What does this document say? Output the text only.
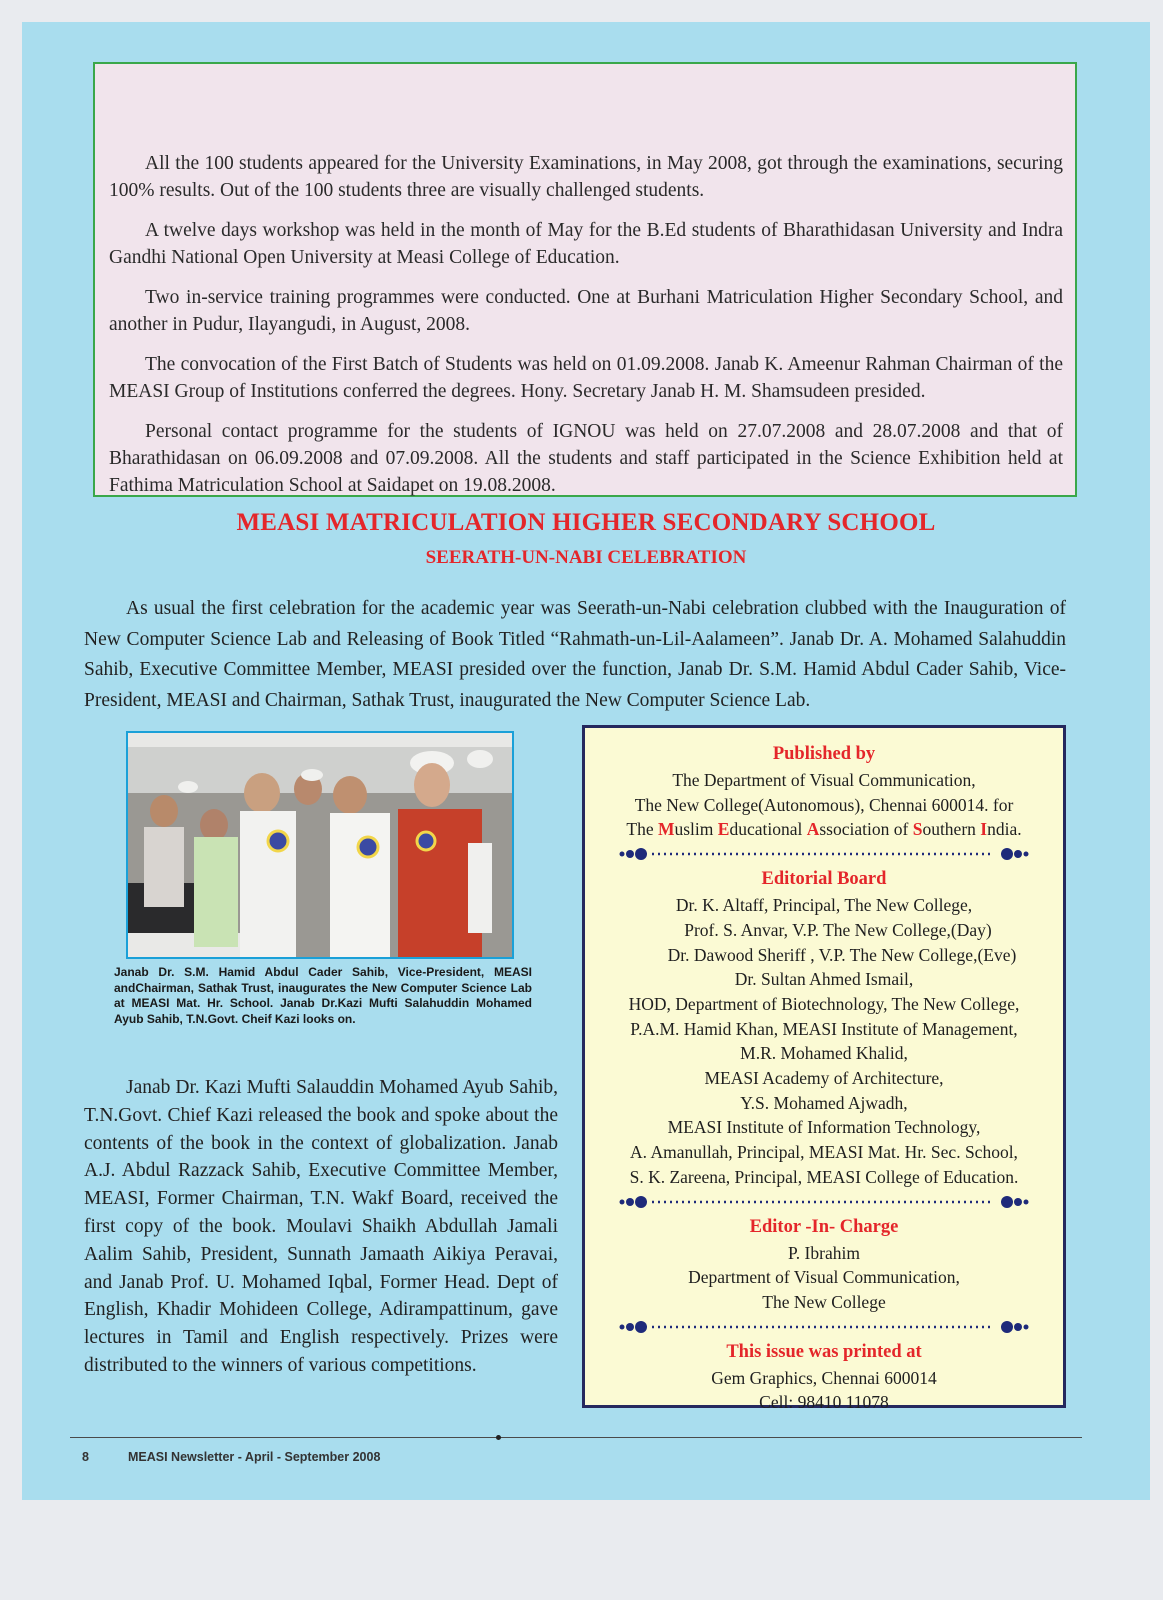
All the 100 students appeared for the University Examinations, in May 2008, got through the examinations, securing 100% results. Out of the 100 students three are visually challenged students.

A twelve days workshop was held in the month of May for the B.Ed students of Bharathidasan University and Indra Gandhi National Open University at Measi College of Education.

Two in-service training programmes were conducted. One at Burhani Matriculation Higher Secondary School, and another in Pudur, Ilayangudi, in August, 2008.

The convocation of the First Batch of Students was held on 01.09.2008. Janab K. Ameenur Rahman Chairman of the MEASI Group of Institutions conferred the degrees. Hony. Secretary Janab H. M. Shamsudeen presided.

Personal contact programme for the students of IGNOU was held on 27.07.2008 and 28.07.2008 and that of Bharathidasan on 06.09.2008 and 07.09.2008. All the students and staff participated in the Science Exhibition held at Fathima Matriculation School at Saidapet on 19.08.2008.

MEASI MATRICULATION HIGHER SECONDARY SCHOOL
SEERATH-UN-NABI CELEBRATION

As usual the first celebration for the academic year was Seerath-un-Nabi celebration clubbed with the Inauguration of New Computer Science Lab and Releasing of Book Titled “Rahmath-un-Lil-Aalameen”. Janab Dr. A. Mohamed Salahuddin Sahib, Executive Committee Member, MEASI presided over the function, Janab Dr. S.M. Hamid Abdul Cader Sahib, Vice-President, MEASI and Chairman, Sathak Trust, inaugurated the New Computer Science Lab.

Janab Dr. S.M. Hamid Abdul Cader Sahib, Vice-President, MEASI andChairman, Sathak Trust, inaugurates the New Computer Science Lab at MEASI Mat. Hr. School. Janab Dr.Kazi Mufti Salahuddin Mohamed Ayub Sahib, T.N.Govt. Cheif Kazi looks on.

Janab Dr. Kazi Mufti Salauddin Mohamed Ayub Sahib, T.N.Govt. Chief Kazi released the book and spoke about the contents of the book in the context of globalization. Janab A.J. Abdul Razzack Sahib, Executive Committee Member, MEASI, Former Chairman, T.N. Wakf Board, received the first copy of the book. Moulavi Shaikh Abdullah Jamali Aalim Sahib, President, Sunnath Jamaath Aikiya Peravai, and Janab Prof. U. Mohamed Iqbal, Former Head. Dept of English, Khadir Mohideen College, Adirampattinum, gave lectures in Tamil and English respectively. Prizes were distributed to the winners of various competitions.

Published by
The Department of Visual Communication,
The New College(Autonomous), Chennai 600014. for
The Muslim Educational Association of Southern India.
Editorial Board
Dr. K. Altaff, Principal, The New College,
Prof. S. Anvar, V.P. The New College,(Day)
Dr. Dawood Sheriff , V.P. The New College,(Eve)
Dr. Sultan Ahmed Ismail,
HOD, Department of Biotechnology, The New College,
P.A.M. Hamid Khan, MEASI Institute of Management,
M.R. Mohamed Khalid,
MEASI Academy of Architecture,
Y.S. Mohamed Ajwadh,
MEASI Institute of Information Technology,
A. Amanullah, Principal, MEASI Mat. Hr. Sec. School,
S. K. Zareena, Principal, MEASI College of Education.
Editor -In- Charge
P. Ibrahim
Department of Visual Communication,
The New College
This issue was printed at
Gem Graphics, Chennai 600014
Cell: 98410 11078
8	MEASI Newsletter - April - September 2008
